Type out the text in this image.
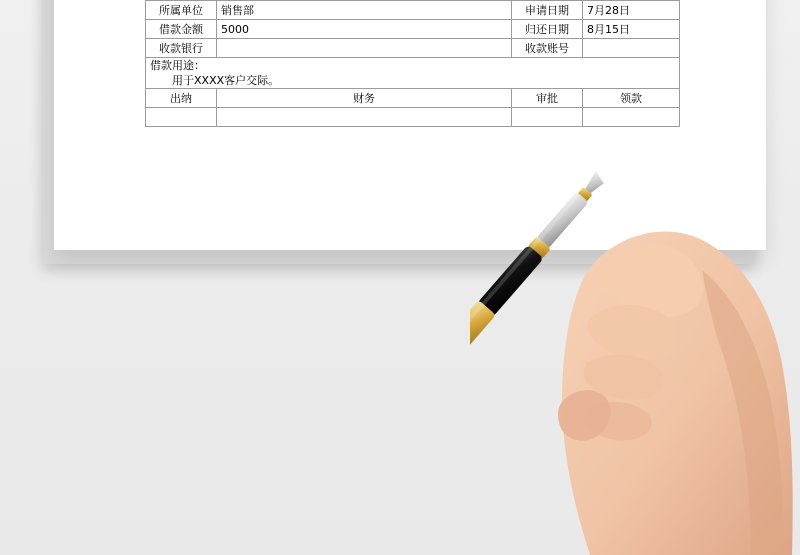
所属单位	销售部	申请日期	7月28日
借款金额	5000	归还日期	8月15日
收款银行		收款账号	

借款用途：
用于XXXX客户交际。			

出纳	财务	审批	领款
